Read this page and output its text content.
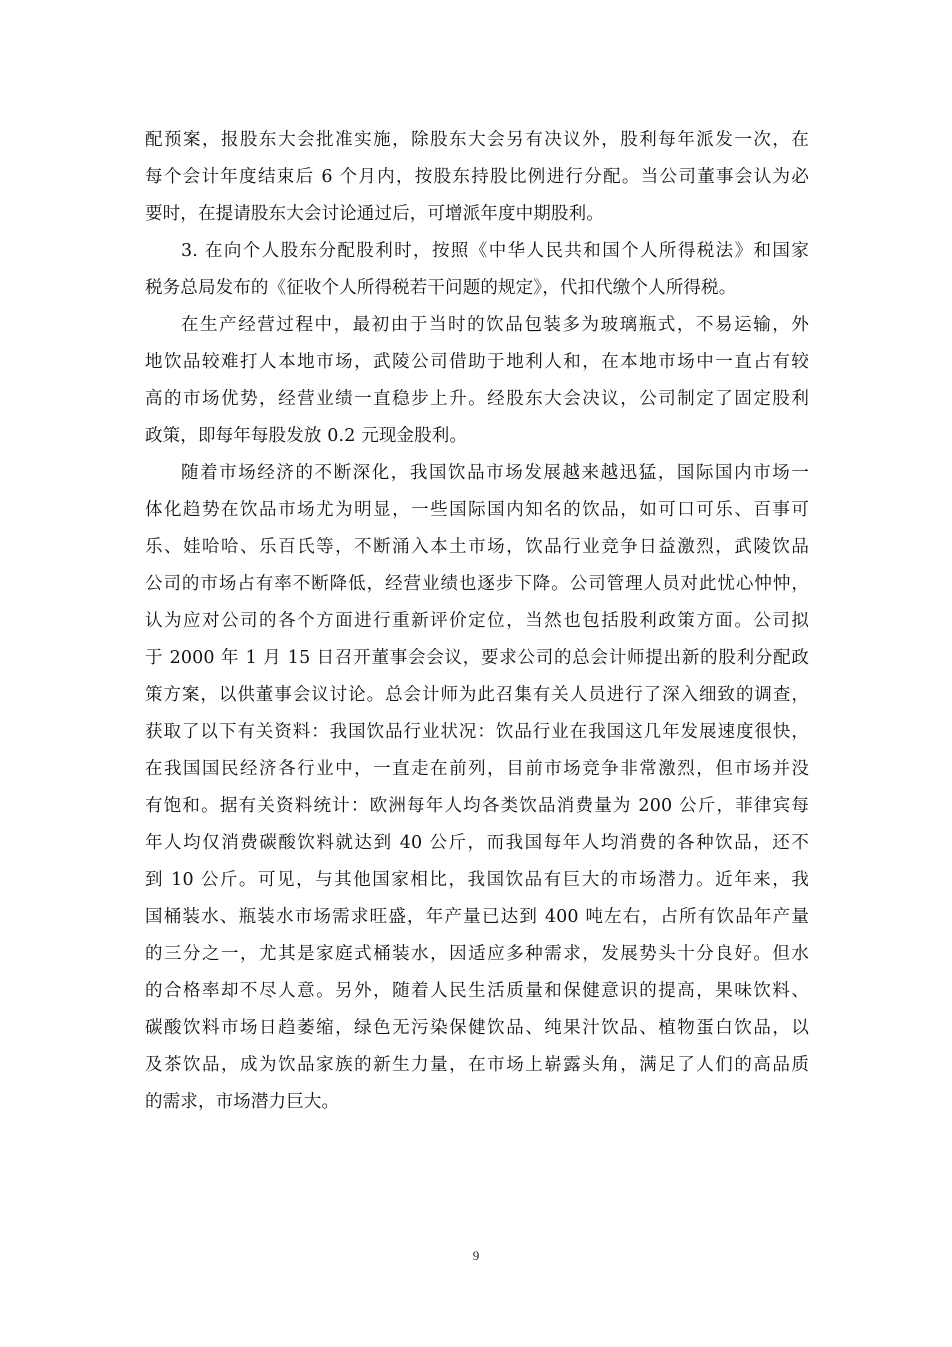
配预案，报股东大会批准实施，除股东大会另有决议外，股利每年派发一次，在
每个会计年度结束后 6 个月内，按股东持股比例进行分配。当公司董事会认为必
要时，在提请股东大会讨论通过后，可增派年度中期股利。
3. 在向个人股东分配股利时，按照《中华人民共和国个人所得税法》和国家
税务总局发布的《征收个人所得税若干问题的规定》，代扣代缴个人所得税。
在生产经营过程中，最初由于当时的饮品包装多为玻璃瓶式，不易运输，外
地饮品较难打人本地市场，武陵公司借助于地利人和，在本地市场中一直占有较
高的市场优势，经营业绩一直稳步上升。经股东大会决议，公司制定了固定股利
政策，即每年每股发放 0.2 元现金股利。
随着市场经济的不断深化，我国饮品市场发展越来越迅猛，国际国内市场一
体化趋势在饮品市场尤为明显，一些国际国内知名的饮品，如可口可乐、百事可
乐、娃哈哈、乐百氏等，不断涌入本土市场，饮品行业竞争日益激烈，武陵饮品
公司的市场占有率不断降低，经营业绩也逐步下降。公司管理人员对此忧心忡忡，
认为应对公司的各个方面进行重新评价定位，当然也包括股利政策方面。公司拟
于 2000 年 1 月 15 日召开董事会会议，要求公司的总会计师提出新的股利分配政
策方案，以供董事会议讨论。总会计师为此召集有关人员进行了深入细致的调查，
获取了以下有关资料：我国饮品行业状况：饮品行业在我国这几年发展速度很快，
在我国国民经济各行业中，一直走在前列，目前市场竞争非常激烈，但市场并没
有饱和。据有关资料统计：欧洲每年人均各类饮品消费量为 200 公斤，菲律宾每
年人均仅消费碳酸饮料就达到 40 公斤，而我国每年人均消费的各种饮品，还不
到 10 公斤。可见，与其他国家相比，我国饮品有巨大的市场潜力。近年来，我
国桶装水、瓶装水市场需求旺盛，年产量已达到 400 吨左右，占所有饮品年产量
的三分之一，尤其是家庭式桶装水，因适应多种需求，发展势头十分良好。但水
的合格率却不尽人意。另外，随着人民生活质量和保健意识的提高，果味饮料、
碳酸饮料市场日趋萎缩，绿色无污染保健饮品、纯果汁饮品、植物蛋白饮品，以
及茶饮品，成为饮品家族的新生力量，在市场上崭露头角，满足了人们的高品质
的需求，市场潜力巨大。
9
